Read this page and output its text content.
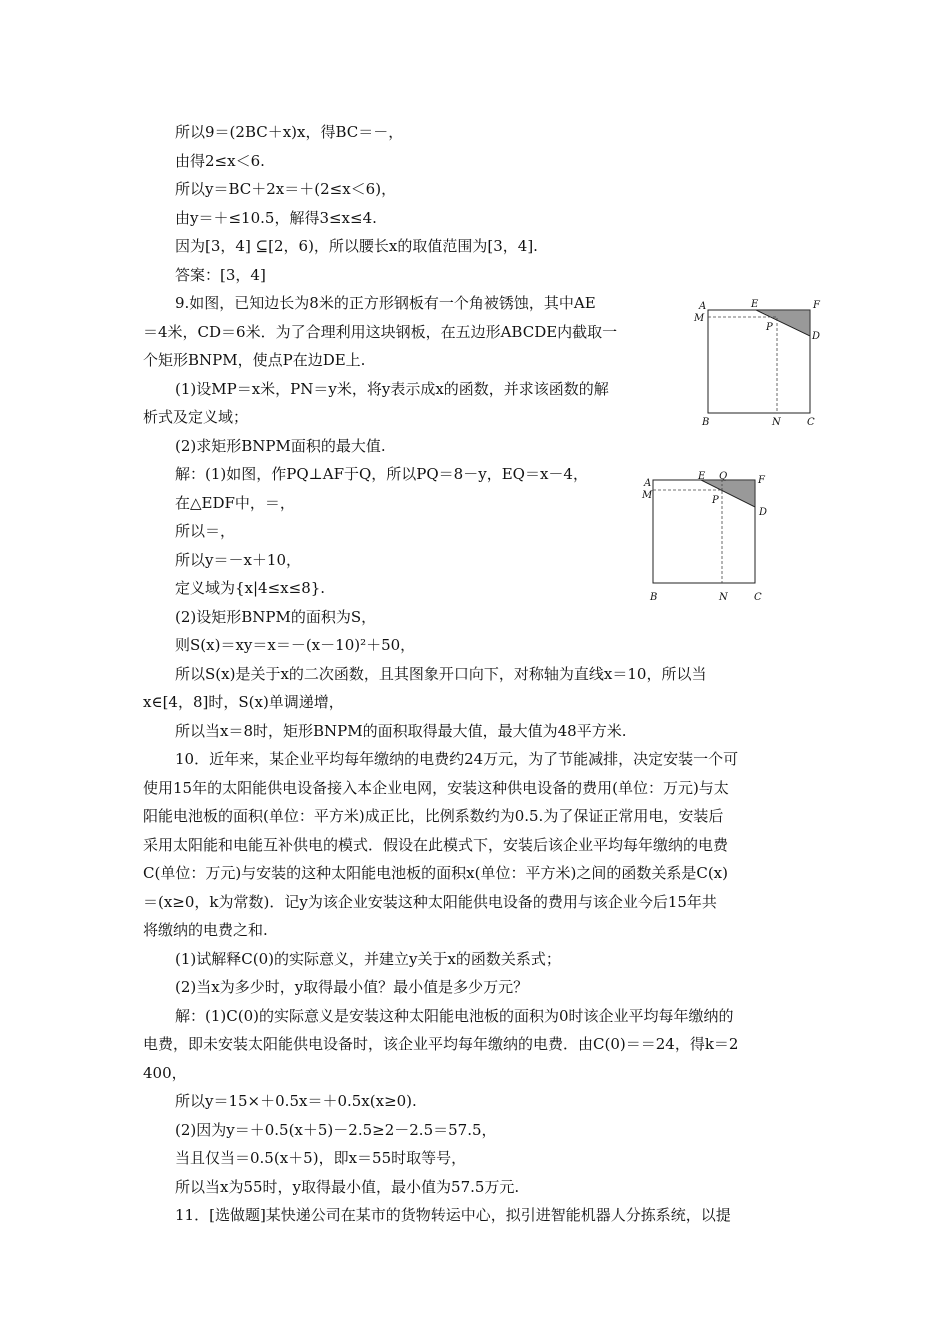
所以9＝(2BC＋x)x，得BC＝－，
由得2≤x＜6.
所以y＝BC＋2x＝＋(2≤x＜6)，
由y＝＋≤10.5，解得3≤x≤4.
因为[3，4] ⊆[2，6)，所以腰长x的取值范围为[3，4].
答案：[3，4]
9.如图，已知边长为8米的正方形钢板有一个角被锈蚀，其中AE
＝4米，CD＝6米．为了合理利用这块钢板，在五边形ABCDE内截取一
个矩形BNPM，使点P在边DE上.
(1)设MP＝x米，PN＝y米，将y表示成x的函数，并求该函数的解
析式及定义域；
(2)求矩形BNPM面积的最大值.
解：(1)如图，作PQ⊥AF于Q，所以PQ＝8－y，EQ＝x－4，
在△EDF中，＝，
所以＝，
所以y＝－x＋10，
定义域为{x|4≤x≤8}.
(2)设矩形BNPM的面积为S，
则S(x)＝xy＝x＝－(x－10)²＋50，
所以S(x)是关于x的二次函数，且其图象开口向下，对称轴为直线x＝10，所以当
x∈[4，8]时，S(x)单调递增，
所以当x＝8时，矩形BNPM的面积取得最大值，最大值为48平方米.
10．近年来，某企业平均每年缴纳的电费约24万元，为了节能减排，决定安装一个可
使用15年的太阳能供电设备接入本企业电网，安装这种供电设备的费用(单位：万元)与太
阳能电池板的面积(单位：平方米)成正比，比例系数约为0.5.为了保证正常用电，安装后
采用太阳能和电能互补供电的模式．假设在此模式下，安装后该企业平均每年缴纳的电费
C(单位：万元)与安装的这种太阳能电池板的面积x(单位：平方米)之间的函数关系是C(x)
＝(x≥0，k为常数)．记y为该企业安装这种太阳能供电设备的费用与该企业今后15年共
将缴纳的电费之和.
(1)试解释C(0)的实际意义，并建立y关于x的函数关系式；
(2)当x为多少时，y取得最小值？最小值是多少万元？
解：(1)C(0)的实际意义是安装这种太阳能电池板的面积为0时该企业平均每年缴纳的
电费，即未安装太阳能供电设备时，该企业平均每年缴纳的电费．由C(0)＝＝24，得k＝2
400，
所以y＝15×＋0.5x＝＋0.5x(x≥0).
(2)因为y＝＋0.5(x＋5)－2.5≥2－2.5＝57.5，
当且仅当＝0.5(x＋5)，即x＝55时取等号，
所以当x为55时，y取得最小值，最小值为57.5万元.
11．[选做题]某快递公司在某市的货物转运中心，拟引进智能机器人分拣系统，以提
A
M
E	F
P
D
B	N	C
A
M
E Q	F
P
D
B	N	C
